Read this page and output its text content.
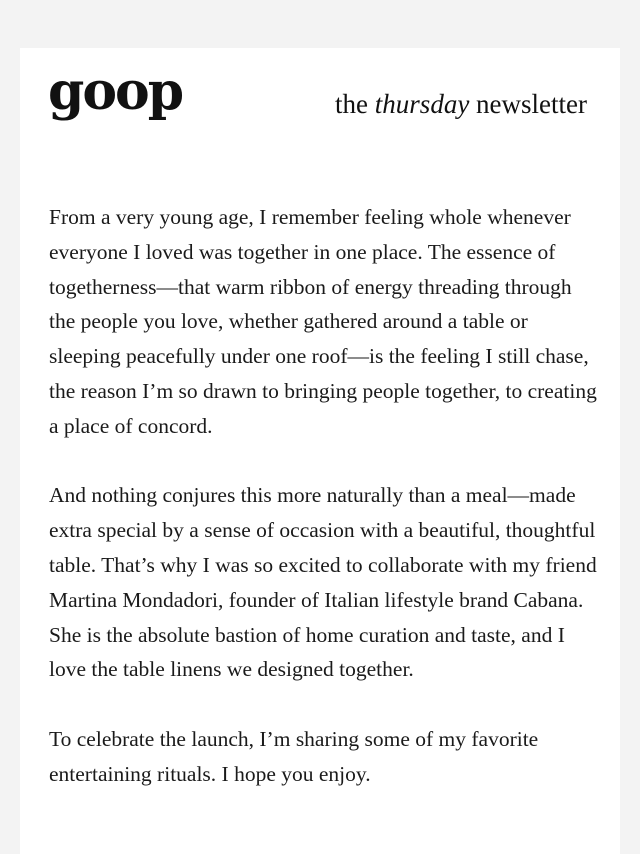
goop	the thursday newsletter

From a very young age, I remember feeling whole whenever everyone I loved was together in one place. The essence of togetherness—that warm ribbon of energy threading through the people you love, whether gathered around a table or sleeping peacefully under one roof—is the feeling I still chase, the reason I’m so drawn to bringing people together, to creating a place of concord.

And nothing conjures this more naturally than a meal—made extra special by a sense of occasion with a beautiful, thoughtful table. That’s why I was so excited to collaborate with my friend Martina Mondadori, founder of Italian lifestyle brand Cabana. She is the absolute bastion of home curation and taste, and I love the table linens we designed together.

To celebrate the launch, I’m sharing some of my favorite entertaining rituals. I hope you enjoy.
